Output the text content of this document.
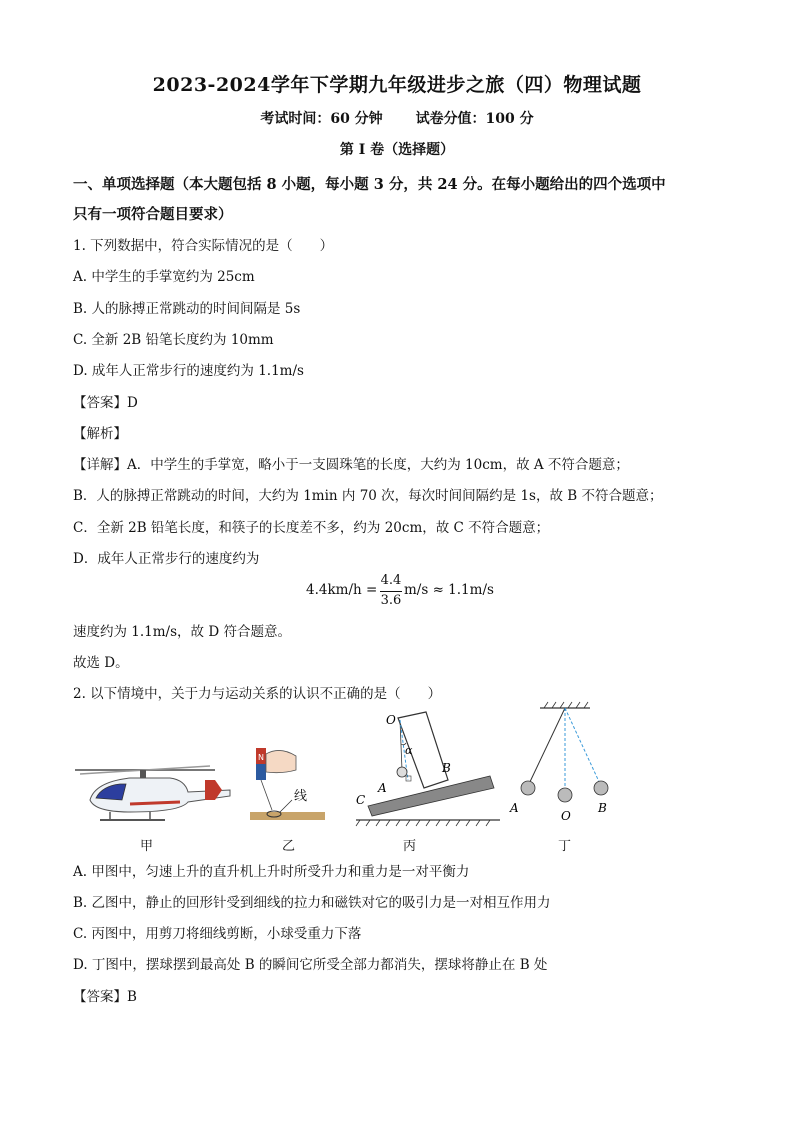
2023-2024学年下学期九年级进步之旅（四）物理试题
考试时间：60 分钟 试卷分值：100 分
第 I 卷（选择题）
一、单项选择题（本大题包括 8 小题，每小题 3 分，共 24 分。在每小题给出的四个选项中
只有一项符合题目要求）
1. 下列数据中，符合实际情况的是（　　）
A. 中学生的手掌宽约为 25cm
B. 人的脉搏正常跳动的时间间隔是 5s
C. 全新 2B 铅笔长度约为 10mm
D. 成年人正常步行的速度约为 1.1m/s
【答案】D
【解析】
【详解】A．中学生的手掌宽，略小于一支圆珠笔的长度，大约为 10cm，故 A 不符合题意；
B．人的脉搏正常跳动的时间，大约为 1min 内 70 次，每次时间间隔约是 1s，故 B 不符合题意；
C．全新 2B 铅笔长度，和筷子的长度差不多，约为 20cm，故 C 不符合题意；
D．成年人正常步行的速度约为
4.4km/h =
4.4
3.6
m/s ≈ 1.1m/s
速度约为 1.1m/s，故 D 符合题意。
故选 D。
2. 以下情境中，关于力与运动关系的认识不正确的是（　　）
甲
N
线
乙
O
α
A
B
C
丙
A
O
B
丁
A. 甲图中，匀速上升的直升机上升时所受升力和重力是一对平衡力
B. 乙图中，静止的回形针受到细线的拉力和磁铁对它的吸引力是一对相互作用力
C. 丙图中，用剪刀将细线剪断，小球受重力下落
D. 丁图中，摆球摆到最高处 B 的瞬间它所受全部力都消失，摆球将静止在 B 处
【答案】B
